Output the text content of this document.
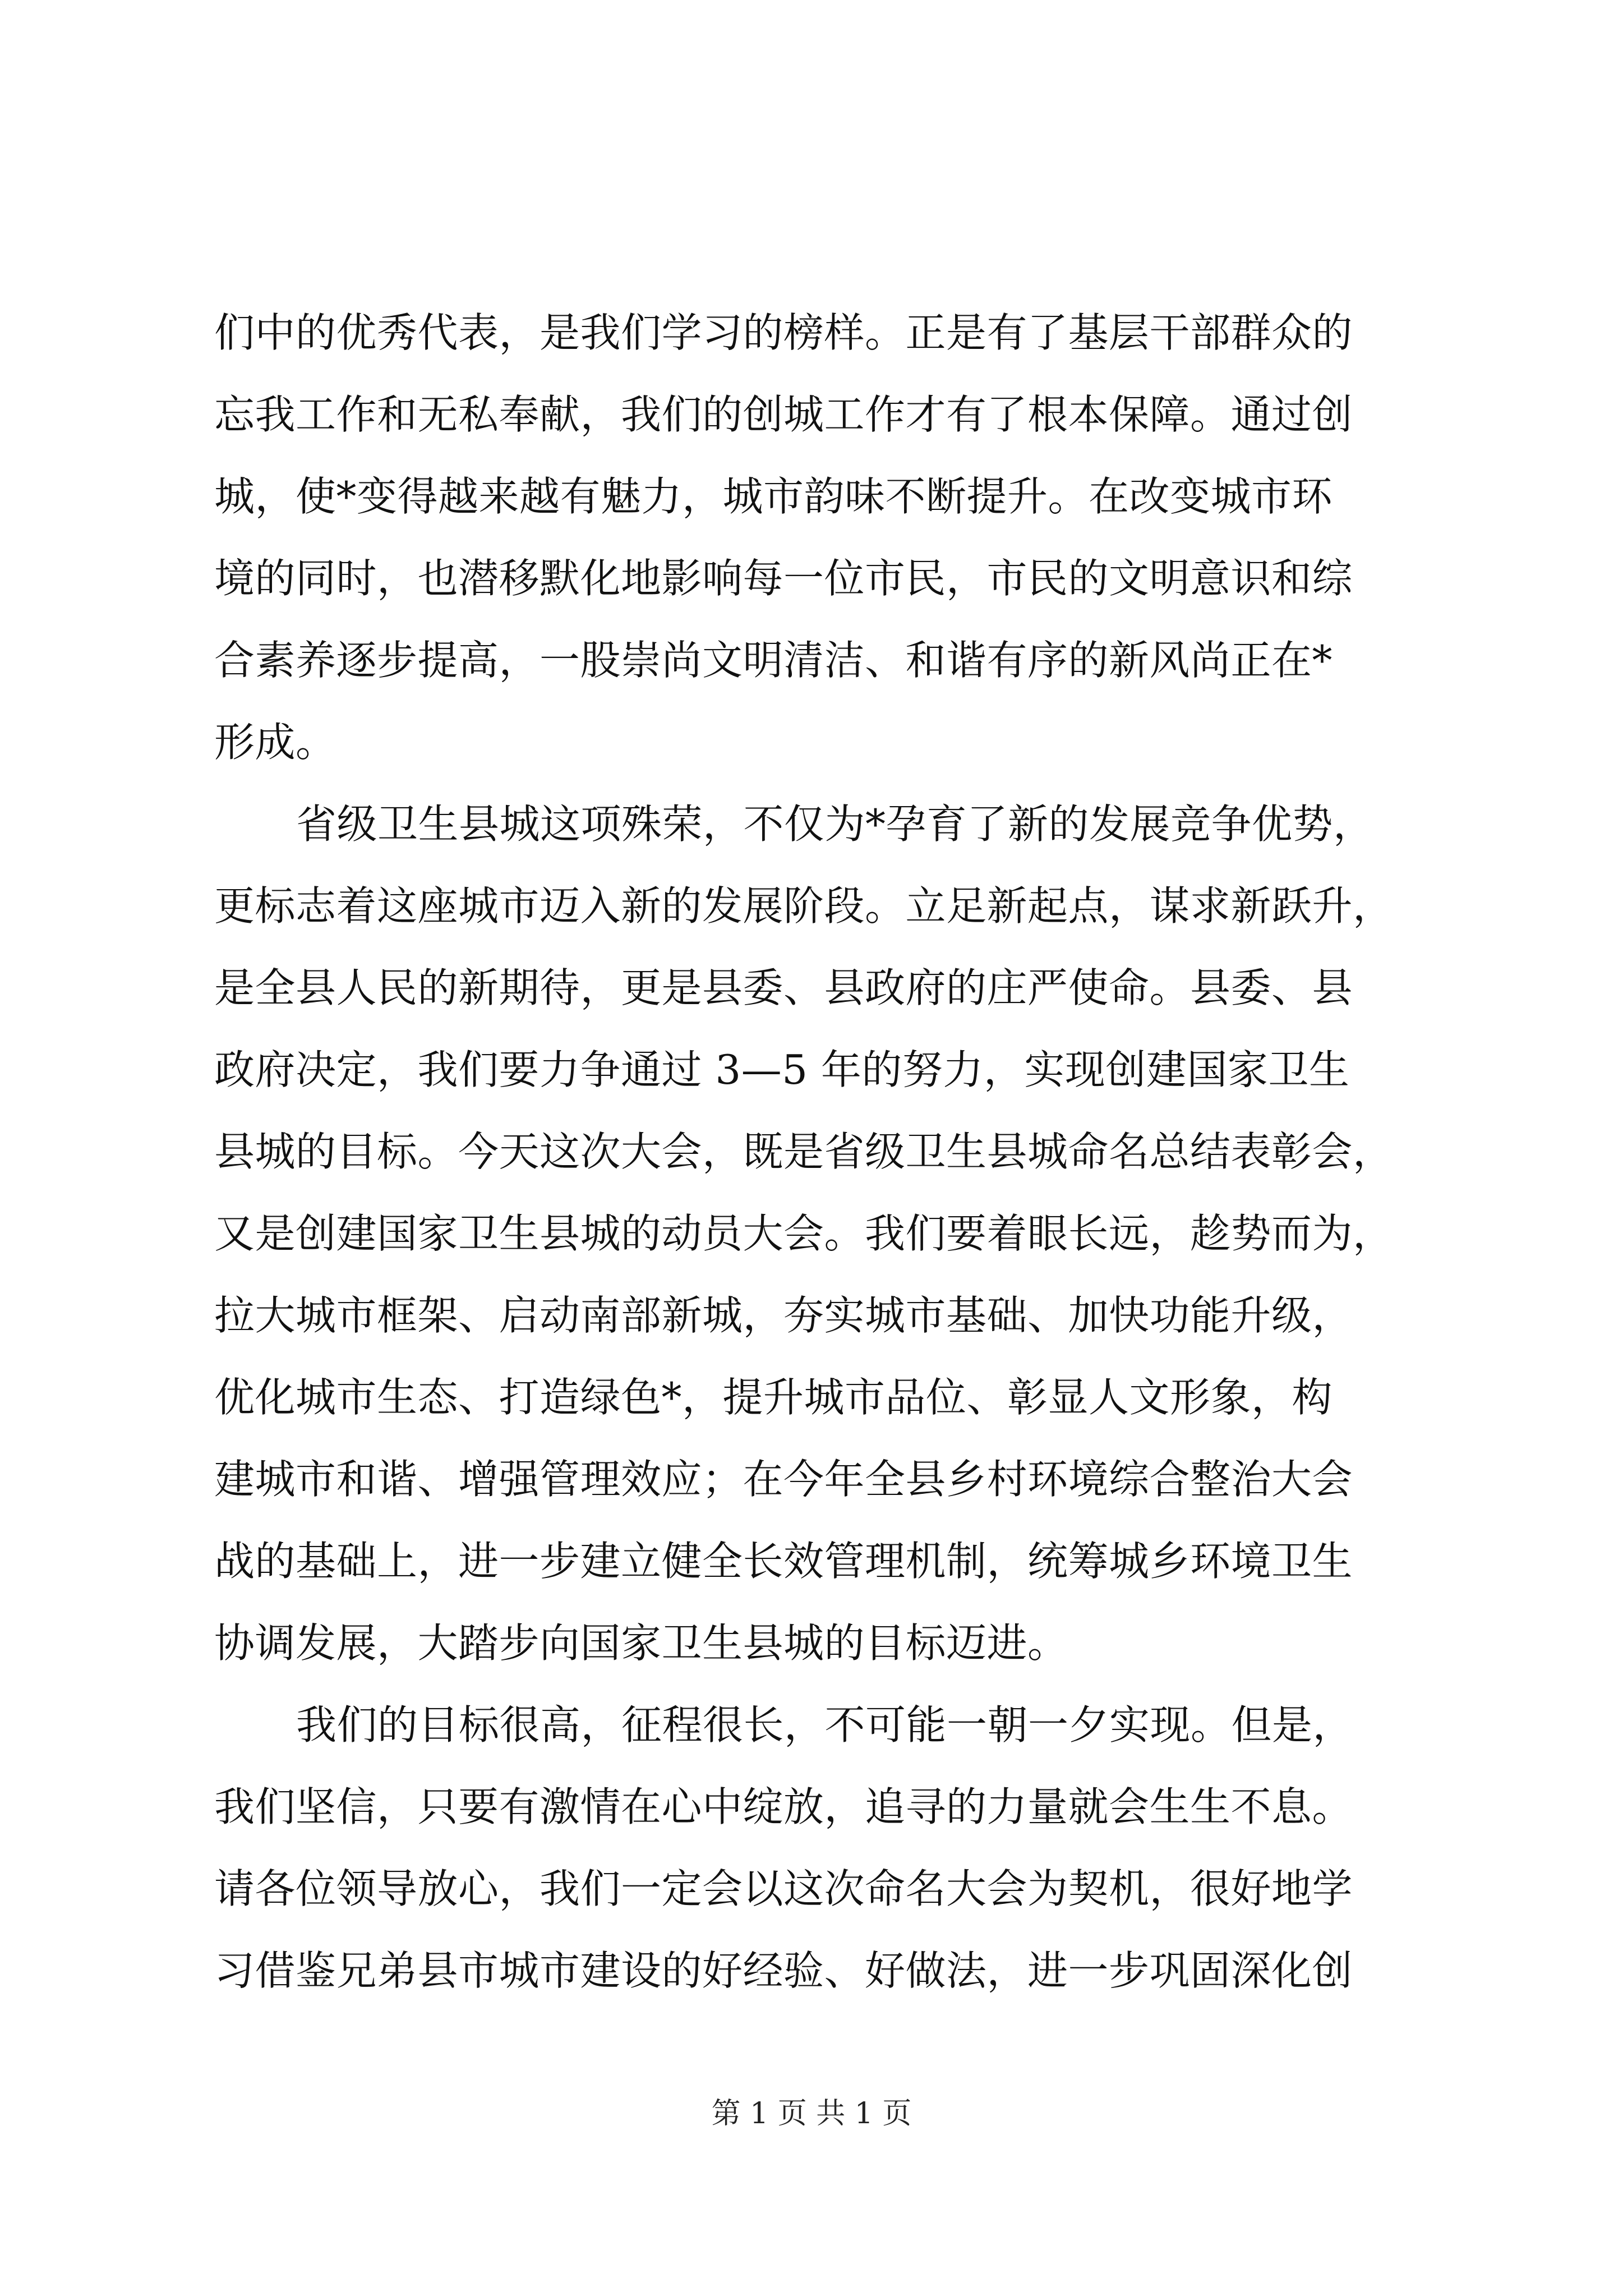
们中的优秀代表，是我们学习的榜样。正是有了基层干部群众的
忘我工作和无私奉献，我们的创城工作才有了根本保障。通过创
城，使*变得越来越有魅力，城市韵味不断提升。在改变城市环
境的同时，也潜移默化地影响每一位市民，市民的文明意识和综
合素养逐步提高，一股崇尚文明清洁、和谐有序的新风尚正在*
形成。
省级卫生县城这项殊荣，不仅为*孕育了新的发展竞争优势，
更标志着这座城市迈入新的发展阶段。立足新起点，谋求新跃升，
是全县人民的新期待，更是县委、县政府的庄严使命。县委、县
政府决定，我们要力争通过 3—5 年的努力，实现创建国家卫生
县城的目标。今天这次大会，既是省级卫生县城命名总结表彰会，
又是创建国家卫生县城的动员大会。我们要着眼长远，趁势而为，
拉大城市框架、启动南部新城，夯实城市基础、加快功能升级，
优化城市生态、打造绿色*，提升城市品位、彰显人文形象，构
建城市和谐、增强管理效应；在今年全县乡村环境综合整治大会
战的基础上，进一步建立健全长效管理机制，统筹城乡环境卫生
协调发展，大踏步向国家卫生县城的目标迈进。
我们的目标很高，征程很长，不可能一朝一夕实现。但是，
我们坚信，只要有激情在心中绽放，追寻的力量就会生生不息。
请各位领导放心，我们一定会以这次命名大会为契机，很好地学
习借鉴兄弟县市城市建设的好经验、好做法，进一步巩固深化创
第 1 页 共 1 页
